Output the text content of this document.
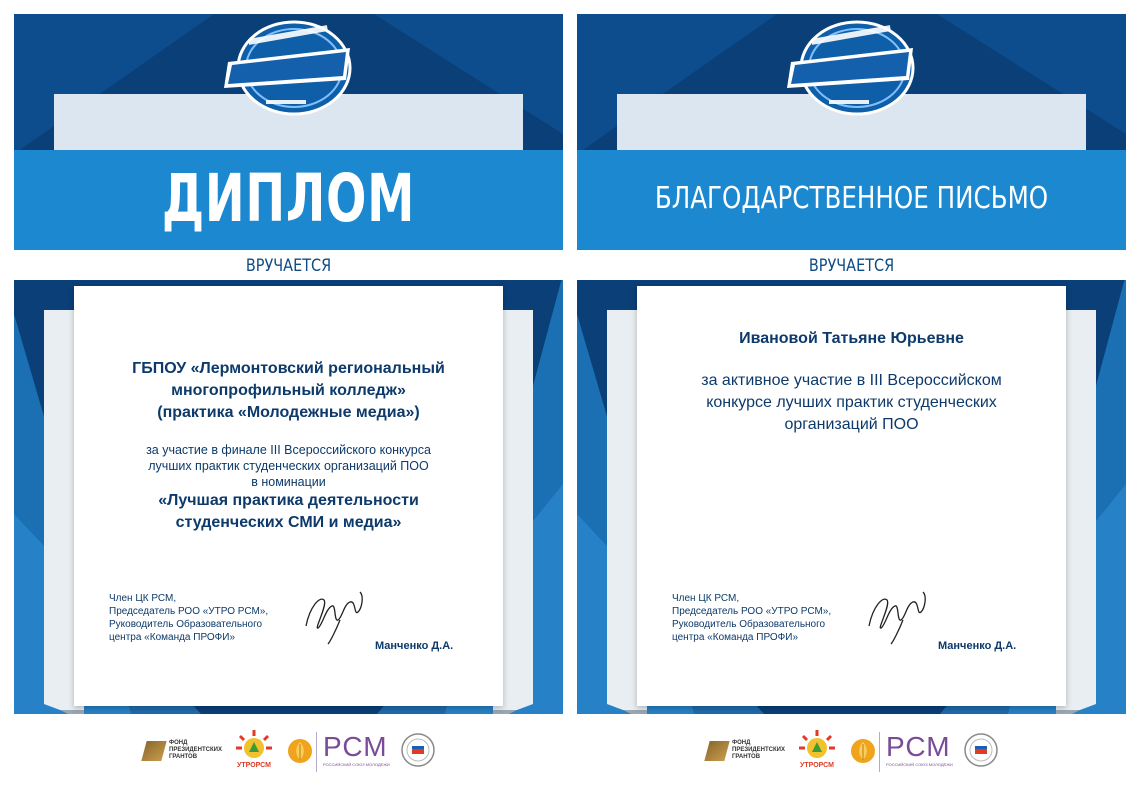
ДИПЛОМ
ВРУЧАЕТСЯ
ГБПОУ «Лермонтовский региональный
многопрофильный колледж»
(практика «Молодежные медиа»)
за участие в финале III Всероссийского конкурса
лучших практик студенческих организаций ПОО
в номинации
«Лучшая практика деятельности
студенческих СМИ и медиа»
Член ЦК РСМ,
Председатель РОО «УТРО РСМ»,
Руководитель Образовательного
центра «Команда ПРОФИ»
Манченко Д.А.
ФОНД
ПРЕЗИДЕНТСКИХ
ГРАНТОВ
УТРОРСМ
РСМ
РОССИЙСКИЙ СОЮЗ МОЛОДЁЖИ
БЛАГОДАРСТВЕННОЕ ПИСЬМО
ВРУЧАЕТСЯ
Ивановой Татьяне Юрьевне
за активное участие в III Всероссийском
конкурсе лучших практик студенческих
организаций ПОО
Член ЦК РСМ,
Председатель РОО «УТРО РСМ»,
Руководитель Образовательного
центра «Команда ПРОФИ»
Манченко Д.А.
ФОНД
ПРЕЗИДЕНТСКИХ
ГРАНТОВ
УТРОРСМ
РСМ
РОССИЙСКИЙ СОЮЗ МОЛОДЁЖИ
